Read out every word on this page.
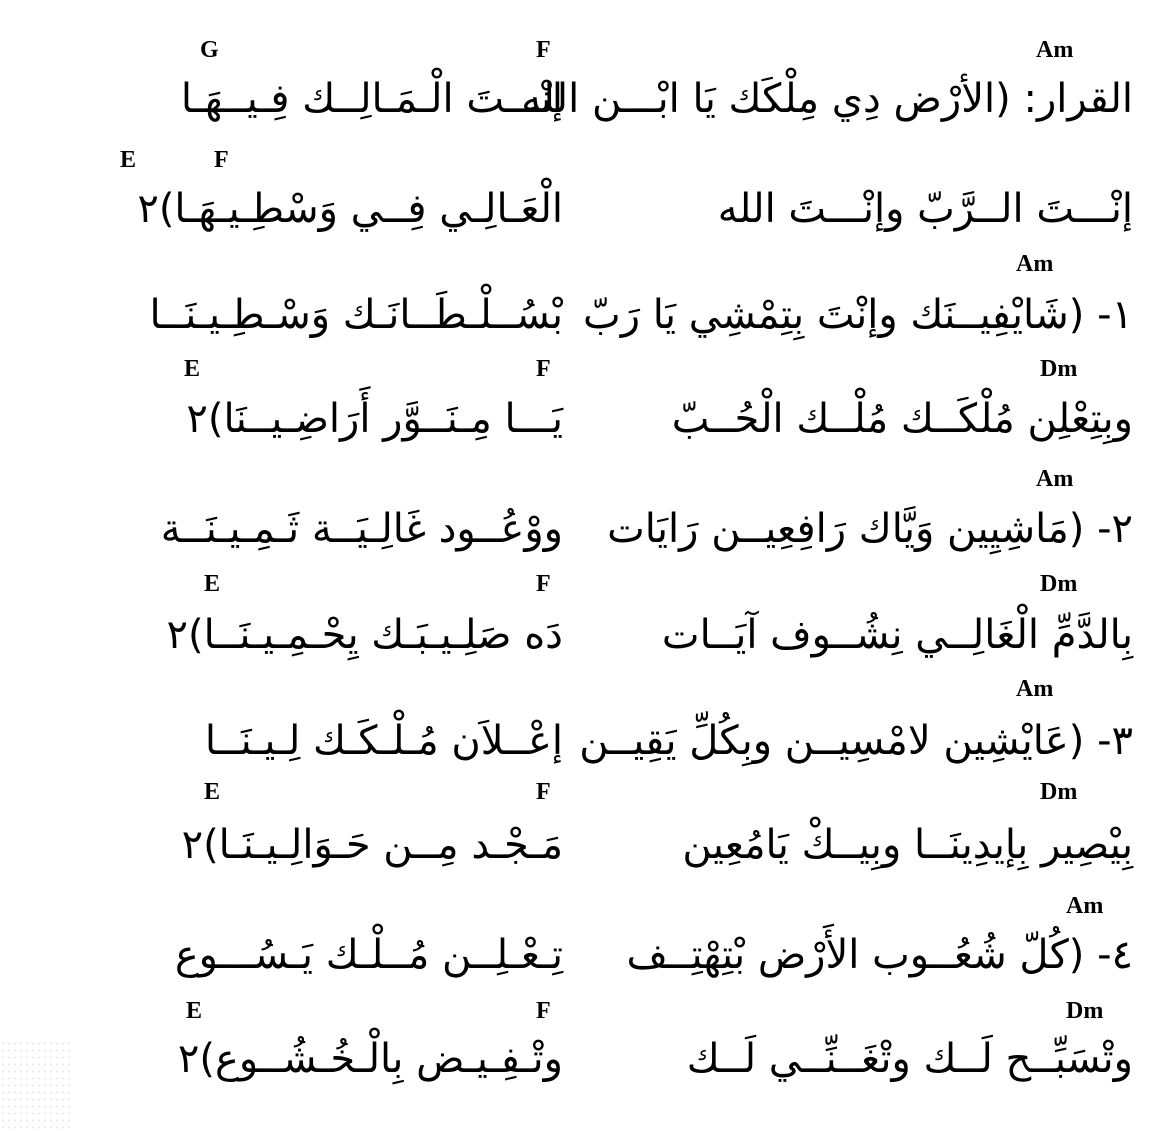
G	F	Am
القرار: (الأرْض دِي مِلْكَك يَا ابْـــن الله
إنْـــتَ الْـمَـالِــك فِـيــهَـا
E	F
إنْـــتَ الــرَّبّ وإنْـــتَ الله
الْعَـالِـي فِــي وَسْطِـيـهَـا)٢
Am
١- (شَايْفِيــنَك وإنْتَ بِتِمْشِي يَا رَبّ
بْسُــلْـطَــانَـك وَسْـطِـيـنَــا
E	F	Dm
وبِتِعْلِن مُلْكَــك مُلْــك الْحُــبّ
يَـــا مِـنَــوَّر أَرَاضِـيــنَا)٢
Am
٢- (مَاشِيِين وَيَّاك رَافِعِيــن رَايَات
ووْعُــود غَالِـيَــة ثَـمِـيـنَــة
E	F	Dm
بِالدَّمِّ الْغَالِــي نِشُــوف آيَــات
دَه صَلِـيـبَـك يِحْـمِـيـنَــا)٢
Am
٣- (عَايْشِين لامْسِيــن وبِكُلِّ يَقِيــن
إعْــلاَن مُـلْـكَـك لِـيـنَــا
E	F	Dm
بِيْصِير بِإيدِينَــا وبِيــكْ يَامُعِين
مَـجْـد مِــن حَـوَالِـيـنَـا)٢
Am
٤- (كُلّ شُعُــوب الأَرْض بْتِهْتِــف
تِـعْـلِــن مُــلْـك يَـسُـــوع
E	F	Dm
وتْسَبِّــح لَــك وتْغَــنِّــي لَــك
وتْـفِـيـض بِالْـخُـشُــوع)٢
